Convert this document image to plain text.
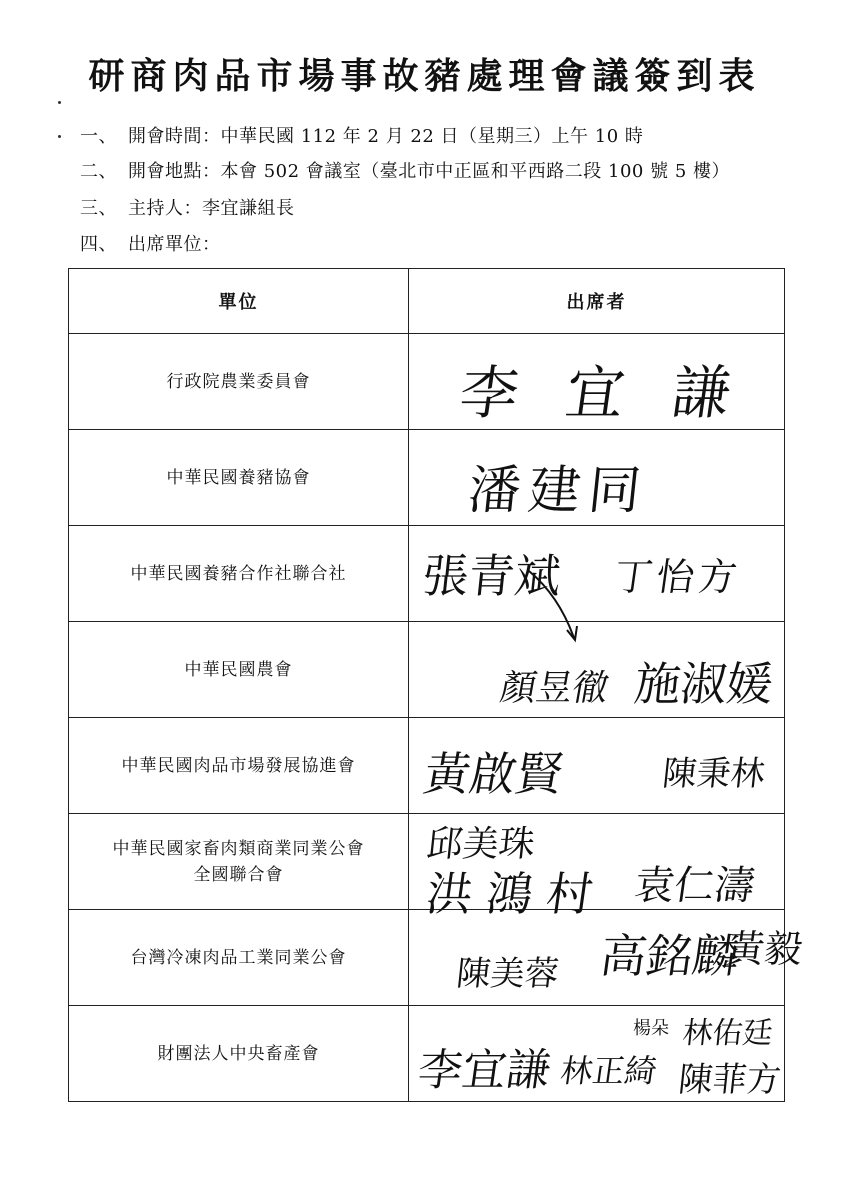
研商肉品市場事故豬處理會議簽到表
一、 開會時間：中華民國 112 年 2 月 22 日（星期三）上午 10 時
二、 開會地點：本會 502 會議室（臺北市中正區和平西路二段 100 號 5 樓）
三、 主持人：李宜謙組長
四、 出席單位：
單位	出席者
行政院農業委員會	李宜謙

中華民國養豬協會	潘建同

中華民國養豬合作社聯合社	張青斌 丁怡方

中華民國農會	顏昱徹 施淑媛

中華民國肉品市場發展協進會	黃啟賢 陳秉林

中華民國家畜肉類商業同業公會
全國聯合會	邱美珠
洪鴻村 袁仁濤

台灣冷凍肉品工業同業公會	陳美蓉 高銘麟
黃毅

財團法人中央畜產會	李宜謙 林正綺
楊朵 林佑廷
陳菲方
